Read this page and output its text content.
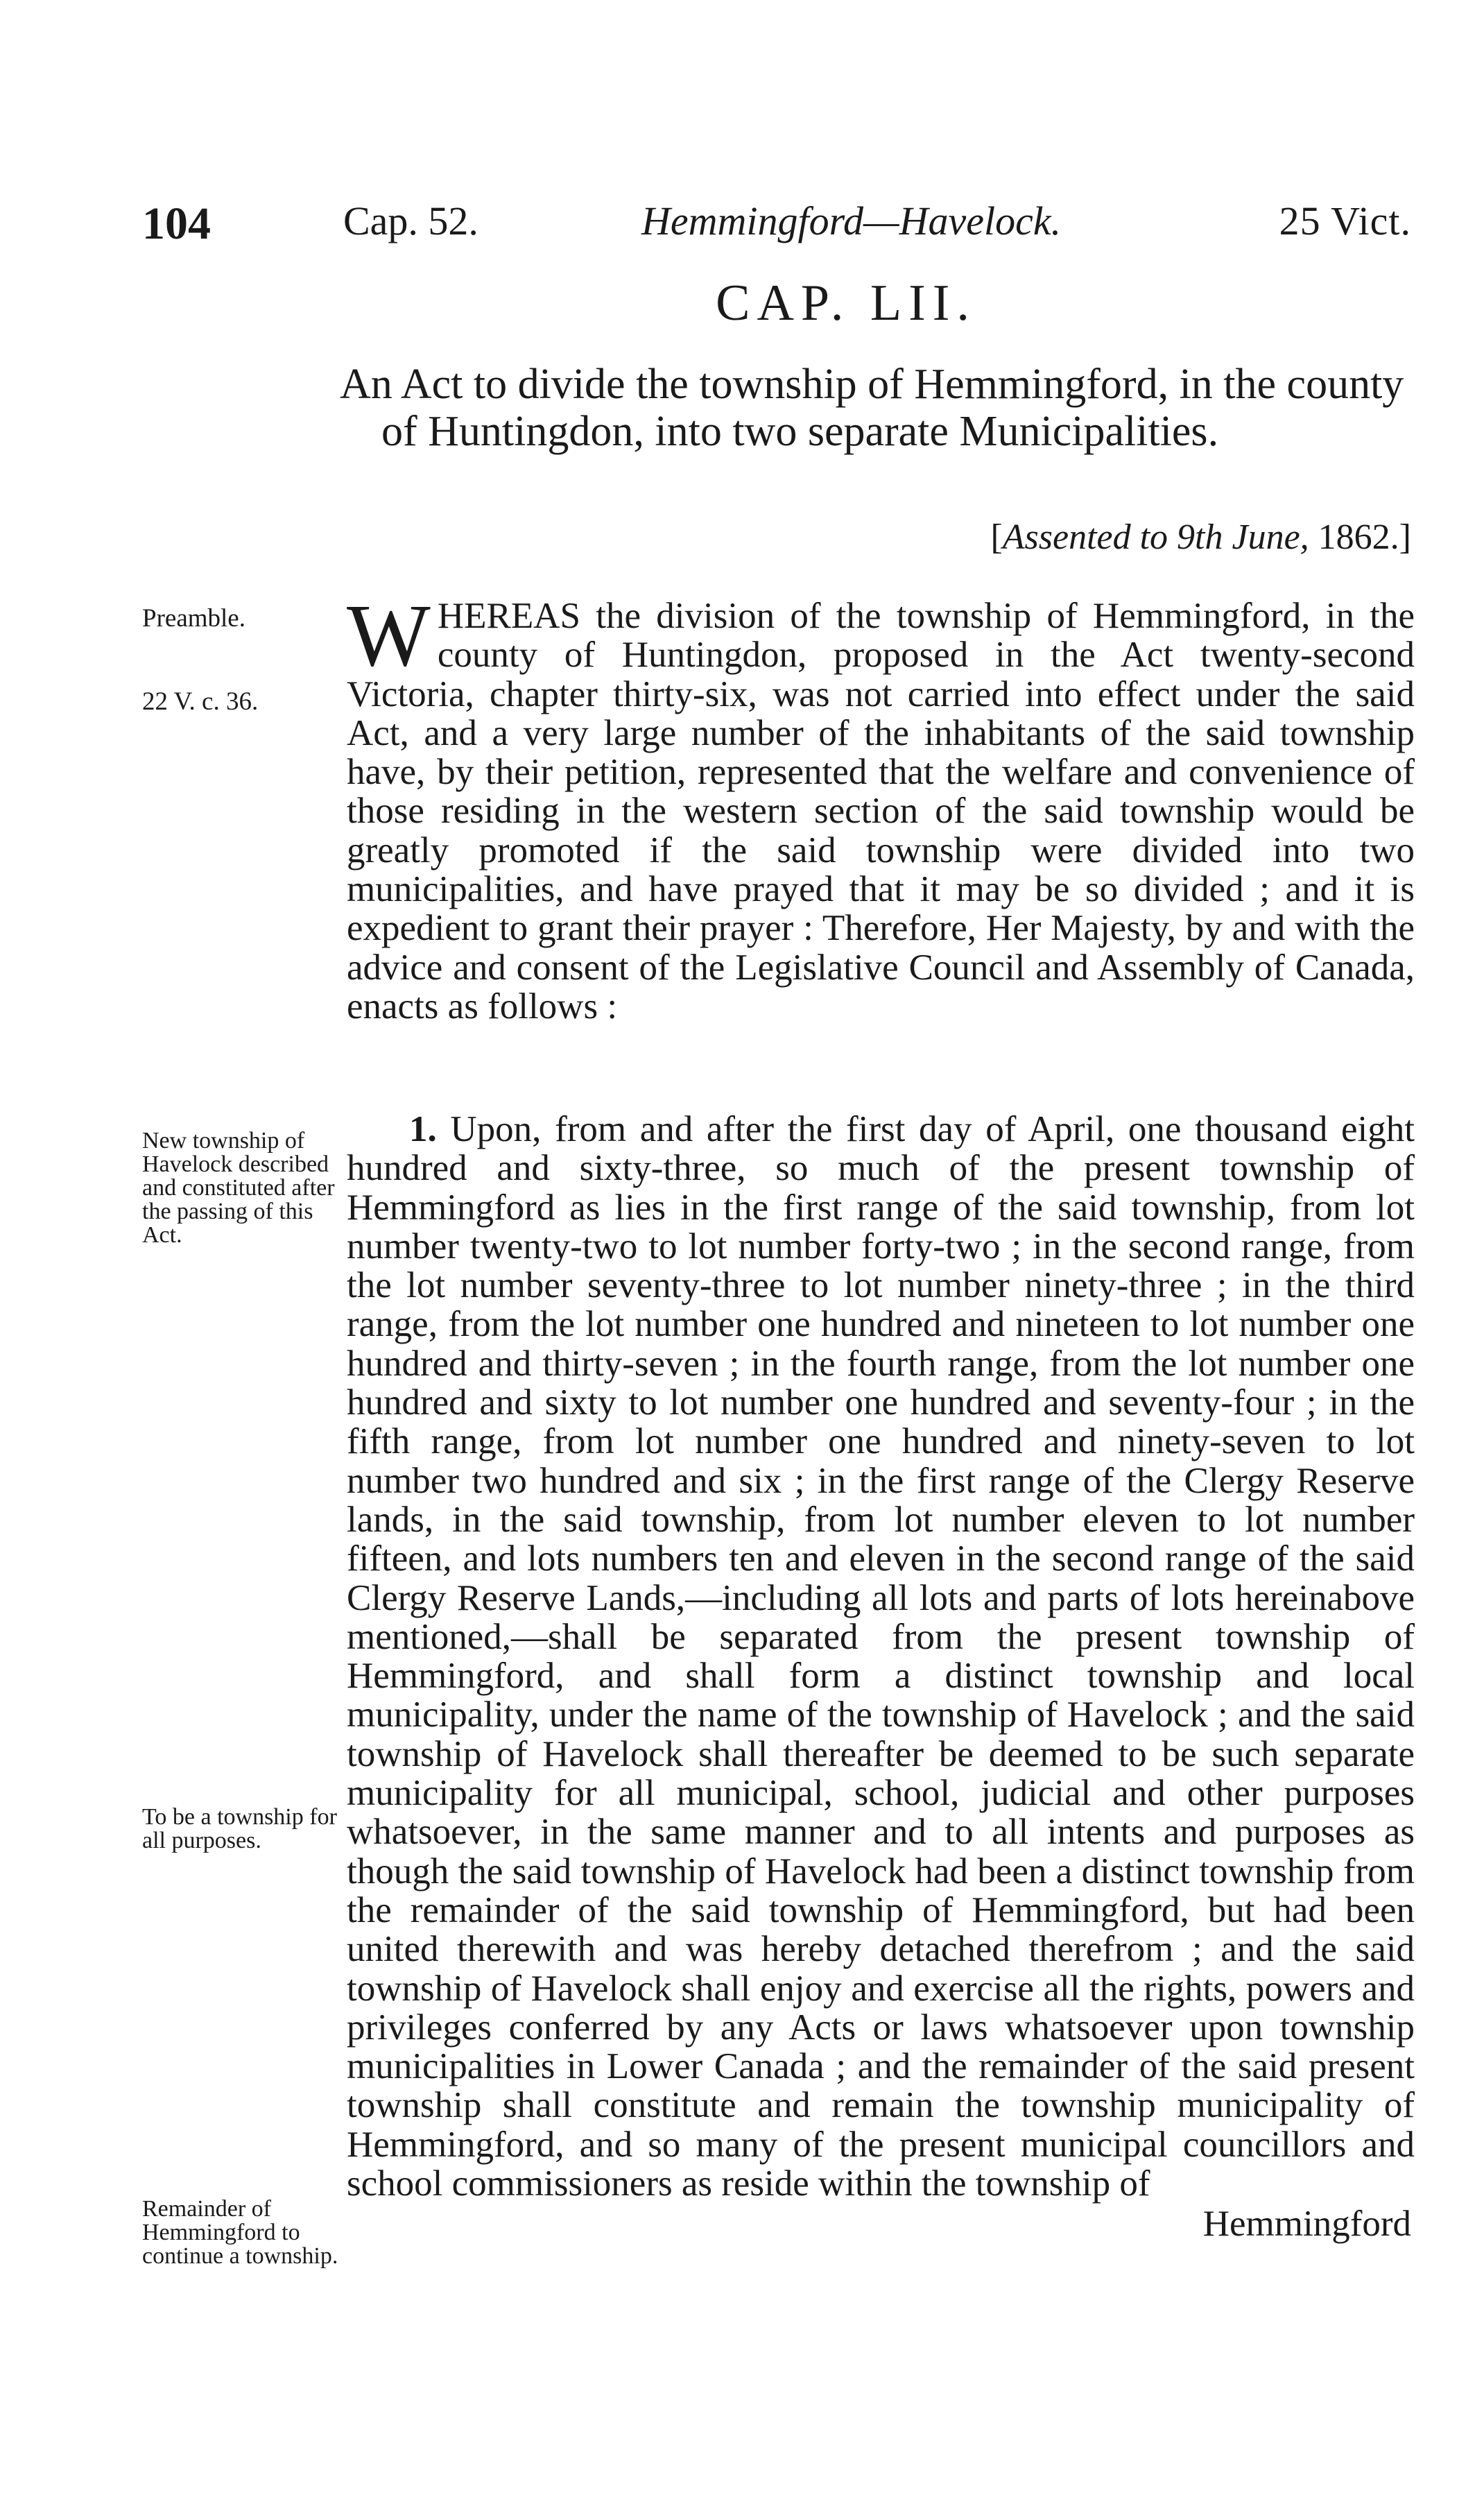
104	Cap. 52.	Hemmingford—Havelock.	25 Vict.
CAP. LII.
An Act to divide the township of Hemmingford, in the county of Huntingdon, into two separate Municipalities.
[Assented to 9th June, 1862.]

Preamble.

22 V. c. 36.

New township of Havelock described and constituted after the passing of this Act.

To be a township for all purposes.

Remainder of Hemmingford to continue a township.

WHEREAS the division of the township of Hemmingford, in the county of Huntingdon, proposed in the Act twenty-second Victoria, chapter thirty-six, was not carried into effect under the said Act, and a very large number of the inhabitants of the said township have, by their petition, represented that the welfare and convenience of those residing in the western section of the said township would be greatly promoted if the said township were divided into two municipalities, and have prayed that it may be so divided ; and it is expedient to grant their prayer : Therefore, Her Majesty, by and with the advice and consent of the Legislative Council and Assembly of Canada, enacts as follows :

1. Upon, from and after the first day of April, one thousand eight hundred and sixty-three, so much of the present township of Hemmingford as lies in the first range of the said township, from lot number twenty-two to lot number forty-two ; in the second range, from the lot number seventy-three to lot number ninety-three ; in the third range, from the lot number one hundred and nineteen to lot number one hundred and thirty-seven ; in the fourth range, from the lot number one hundred and sixty to lot number one hundred and seventy-four ; in the fifth range, from lot number one hundred and ninety-seven to lot number two hundred and six ; in the first range of the Clergy Reserve lands, in the said township, from lot number eleven to lot number fifteen, and lots numbers ten and eleven in the second range of the said Clergy Reserve Lands,—including all lots and parts of lots hereinabove mentioned,—shall be separated from the present township of Hemmingford, and shall form a distinct township and local municipality, under the name of the township of Havelock ; and the said township of Havelock shall thereafter be deemed to be such separate municipality for all municipal, school, judicial and other purposes whatsoever, in the same manner and to all intents and purposes as though the said township of Havelock had been a distinct township from the remainder of the said township of Hemmingford, but had been united therewith and was hereby detached therefrom ; and the said township of Havelock shall enjoy and exercise all the rights, powers and privileges conferred by any Acts or laws whatsoever upon township municipalities in Lower Canada ; and the remainder of the said present township shall constitute and remain the township municipality of Hemmingford, and so many of the present municipal councillors and school commissioners as reside within the township of

Hemmingford
